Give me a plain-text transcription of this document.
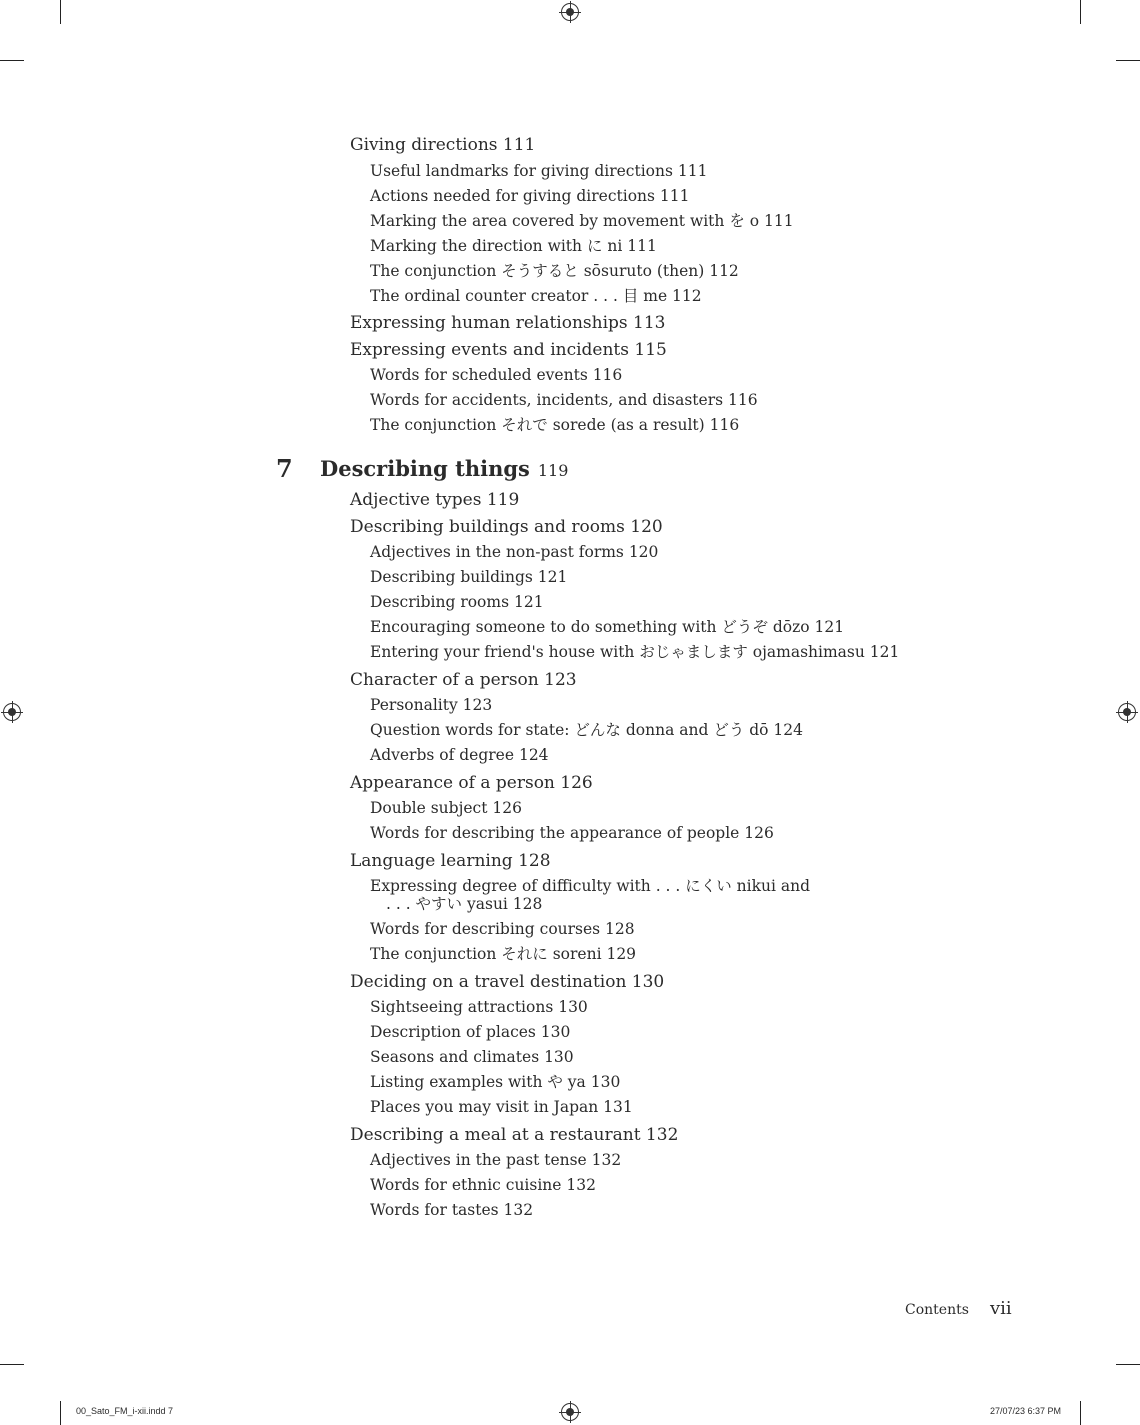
Giving directions 111
Useful landmarks for giving directions 111
Actions needed for giving directions 111
Marking the area covered by movement with を o 111
Marking the direction with に ni 111
The conjunction そうすると sōsuruto (then) 112
The ordinal counter creator . . . 目 me 112
Expressing human relationships 113
Expressing events and incidents 115
Words for scheduled events 116
Words for accidents, incidents, and disasters 116
The conjunction それで sorede (as a result) 116
7 Describing things 119
Adjective types 119
Describing buildings and rooms 120
Adjectives in the non-past forms 120
Describing buildings 121
Describing rooms 121
Encouraging someone to do something with どうぞ dōzo 121
Entering your friend's house with おじゃまします ojamashimasu 121
Character of a person 123
Personality 123
Question words for state: どんな donna and どう dō 124
Adverbs of degree 124
Appearance of a person 126
Double subject 126
Words for describing the appearance of people 126
Language learning 128
Expressing degree of difficulty with . . . にくい nikui and
. . . やすい yasui 128
Words for describing courses 128
The conjunction それに soreni 129
Deciding on a travel destination 130
Sightseeing attractions 130
Description of places 130
Seasons and climates 130
Listing examples with や ya 130
Places you may visit in Japan 131
Describing a meal at a restaurant 132
Adjectives in the past tense 132
Words for ethnic cuisine 132
Words for tastes 132
Contents vii
00_Sato_FM_i-xii.indd 7	27/07/23 6:37 PM
